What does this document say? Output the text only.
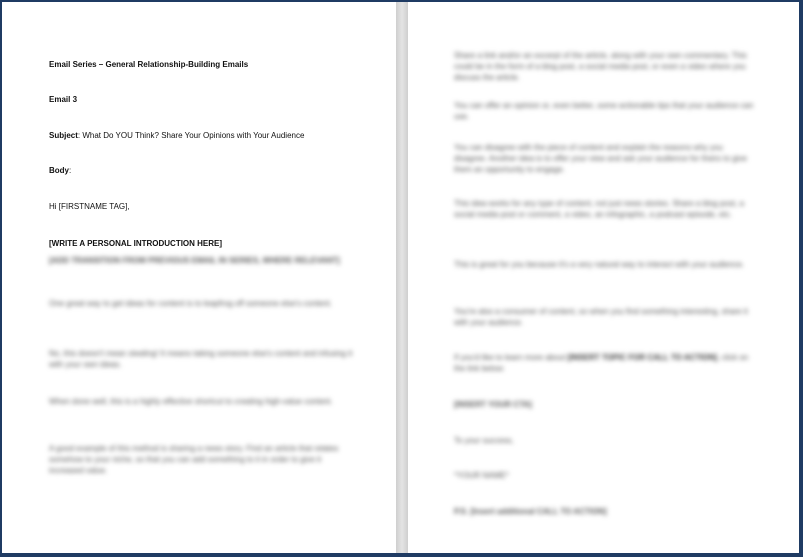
Email Series – General Relationship-Building Emails
Email 3
Subject: What Do YOU Think? Share Your Opinions with Your Audience
Body:
Hi [FIRSTNAME TAG],
[WRITE A PERSONAL INTRODUCTION HERE]
[ADD TRANSITION FROM PREVIOUS EMAIL IN SERIES, WHERE RELEVANT]
One great way to get ideas for content is to leapfrog off someone else's content.
No, this doesn't mean stealing! It means taking someone else's content and infusing it with your own ideas.
When done well, this is a highly effective shortcut to creating high-value content.
A good example of this method is sharing a news story. Find an article that relates somehow to your niche, so that you can add something to it in order to give it increased value.
Share a link and/or an excerpt of the article, along with your own commentary. This could be in the form of a blog post, a social media post, or even a video where you discuss the article.
You can offer an opinion or, even better, some actionable tips that your audience can use.
You can disagree with the piece of content and explain the reasons why you disagree. Another idea is to offer your view and ask your audience for theirs to give them an opportunity to engage.
This idea works for any type of content, not just news stories. Share a blog post, a social media post or comment, a video, an infographic, a podcast episode, etc.
This is great for you because it's a very natural way to interact with your audience.
You're also a consumer of content, so when you find something interesting, share it with your audience.
If you'd like to learn more about [INSERT TOPIC FOR CALL TO ACTION], click on the link below:
[INSERT YOUR CTA]
To your success,
*YOUR NAME*
P.S. [Insert additional CALL TO ACTION]
